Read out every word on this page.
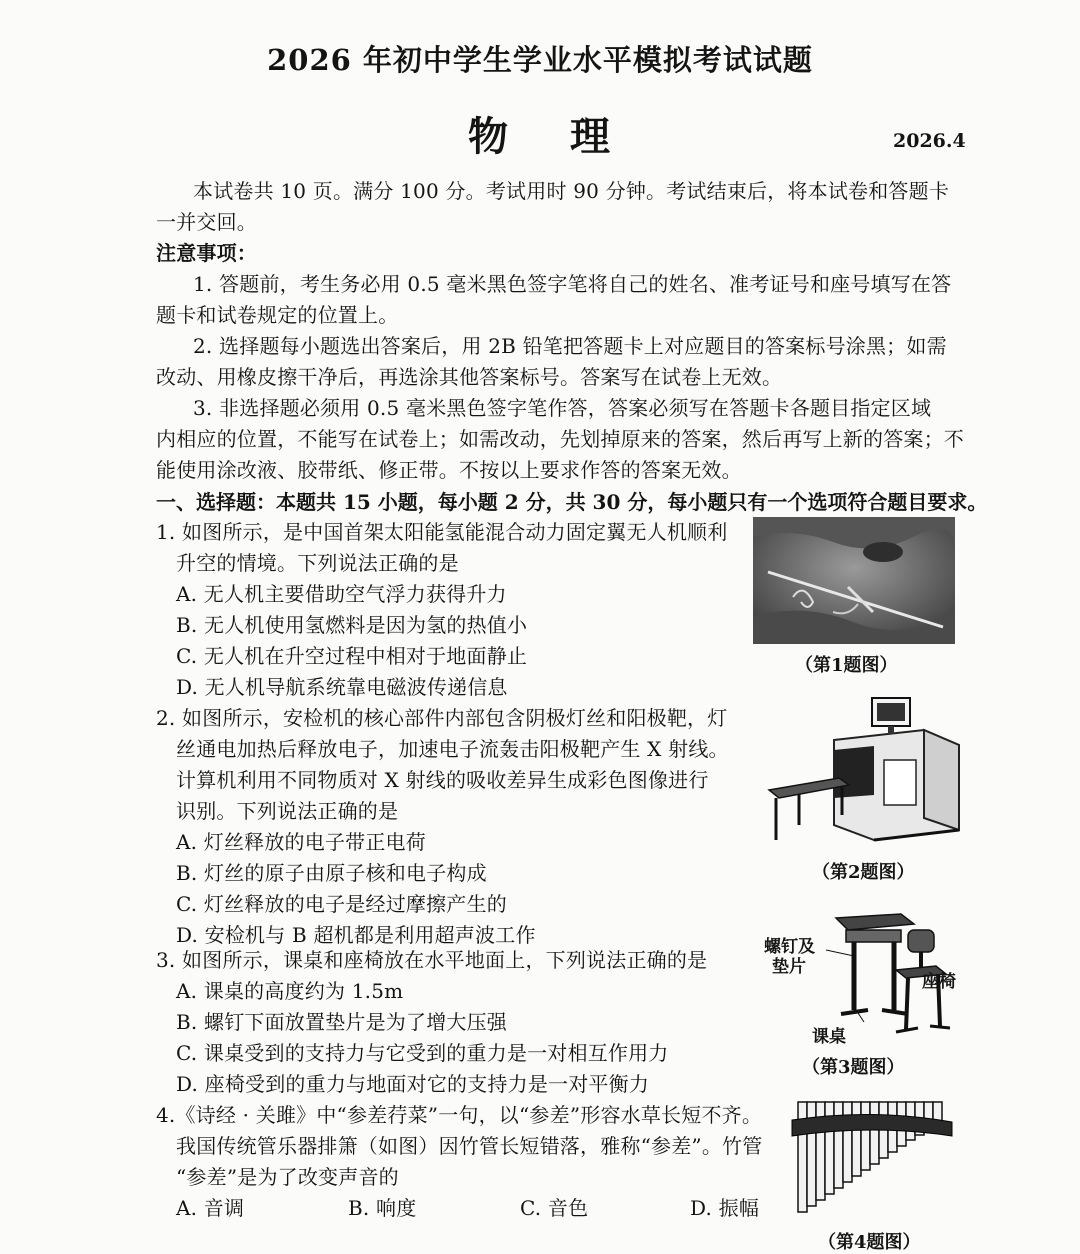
2026 年初中学生学业水平模拟考试试题
物理	2026.4
本试卷共 10 页。满分 100 分。考试用时 90 分钟。考试结束后，将本试卷和答题卡
一并交回。
注意事项：
1. 答题前，考生务必用 0.5 毫米黑色签字笔将自己的姓名、准考证号和座号填写在答
题卡和试卷规定的位置上。
2. 选择题每小题选出答案后，用 2B 铅笔把答题卡上对应题目的答案标号涂黑；如需
改动、用橡皮擦干净后，再选涂其他答案标号。答案写在试卷上无效。
3. 非选择题必须用 0.5 毫米黑色签字笔作答，答案必须写在答题卡各题目指定区域
内相应的位置，不能写在试卷上；如需改动，先划掉原来的答案，然后再写上新的答案；不
能使用涂改液、胶带纸、修正带。不按以上要求作答的答案无效。
一、选择题：本题共 15 小题，每小题 2 分，共 30 分，每小题只有一个选项符合题目要求。
1. 如图所示，是中国首架太阳能氢能混合动力固定翼无人机顺利
升空的情境。下列说法正确的是
A. 无人机主要借助空气浮力获得升力
B. 无人机使用氢燃料是因为氢的热值小
C. 无人机在升空过程中相对于地面静止
D. 无人机导航系统靠电磁波传递信息
（第1题图）
2. 如图所示，安检机的核心部件内部包含阴极灯丝和阳极靶，灯
丝通电加热后释放电子，加速电子流轰击阳极靶产生 X 射线。
计算机利用不同物质对 X 射线的吸收差异生成彩色图像进行
识别。下列说法正确的是
A. 灯丝释放的电子带正电荷
B. 灯丝的原子由原子核和电子构成
C. 灯丝释放的电子是经过摩擦产生的
D. 安检机与 B 超机都是利用超声波工作
（第2题图）
3. 如图所示，课桌和座椅放在水平地面上，下列说法正确的是
A. 课桌的高度约为 1.5m
B. 螺钉下面放置垫片是为了增大压强
C. 课桌受到的支持力与它受到的重力是一对相互作用力
D. 座椅受到的重力与地面对它的支持力是一对平衡力
螺钉及
垫片
座椅
课桌
（第3题图）
4.《诗经 · 关雎》中“参差荇菜”一句，以“参差”形容水草长短不齐。
我国传统管乐器排箫（如图）因竹管长短错落，雅称“参差”。竹管
“参差”是为了改变声音的
A. 音调	B. 响度	C. 音色	D. 振幅
（第4题图）
